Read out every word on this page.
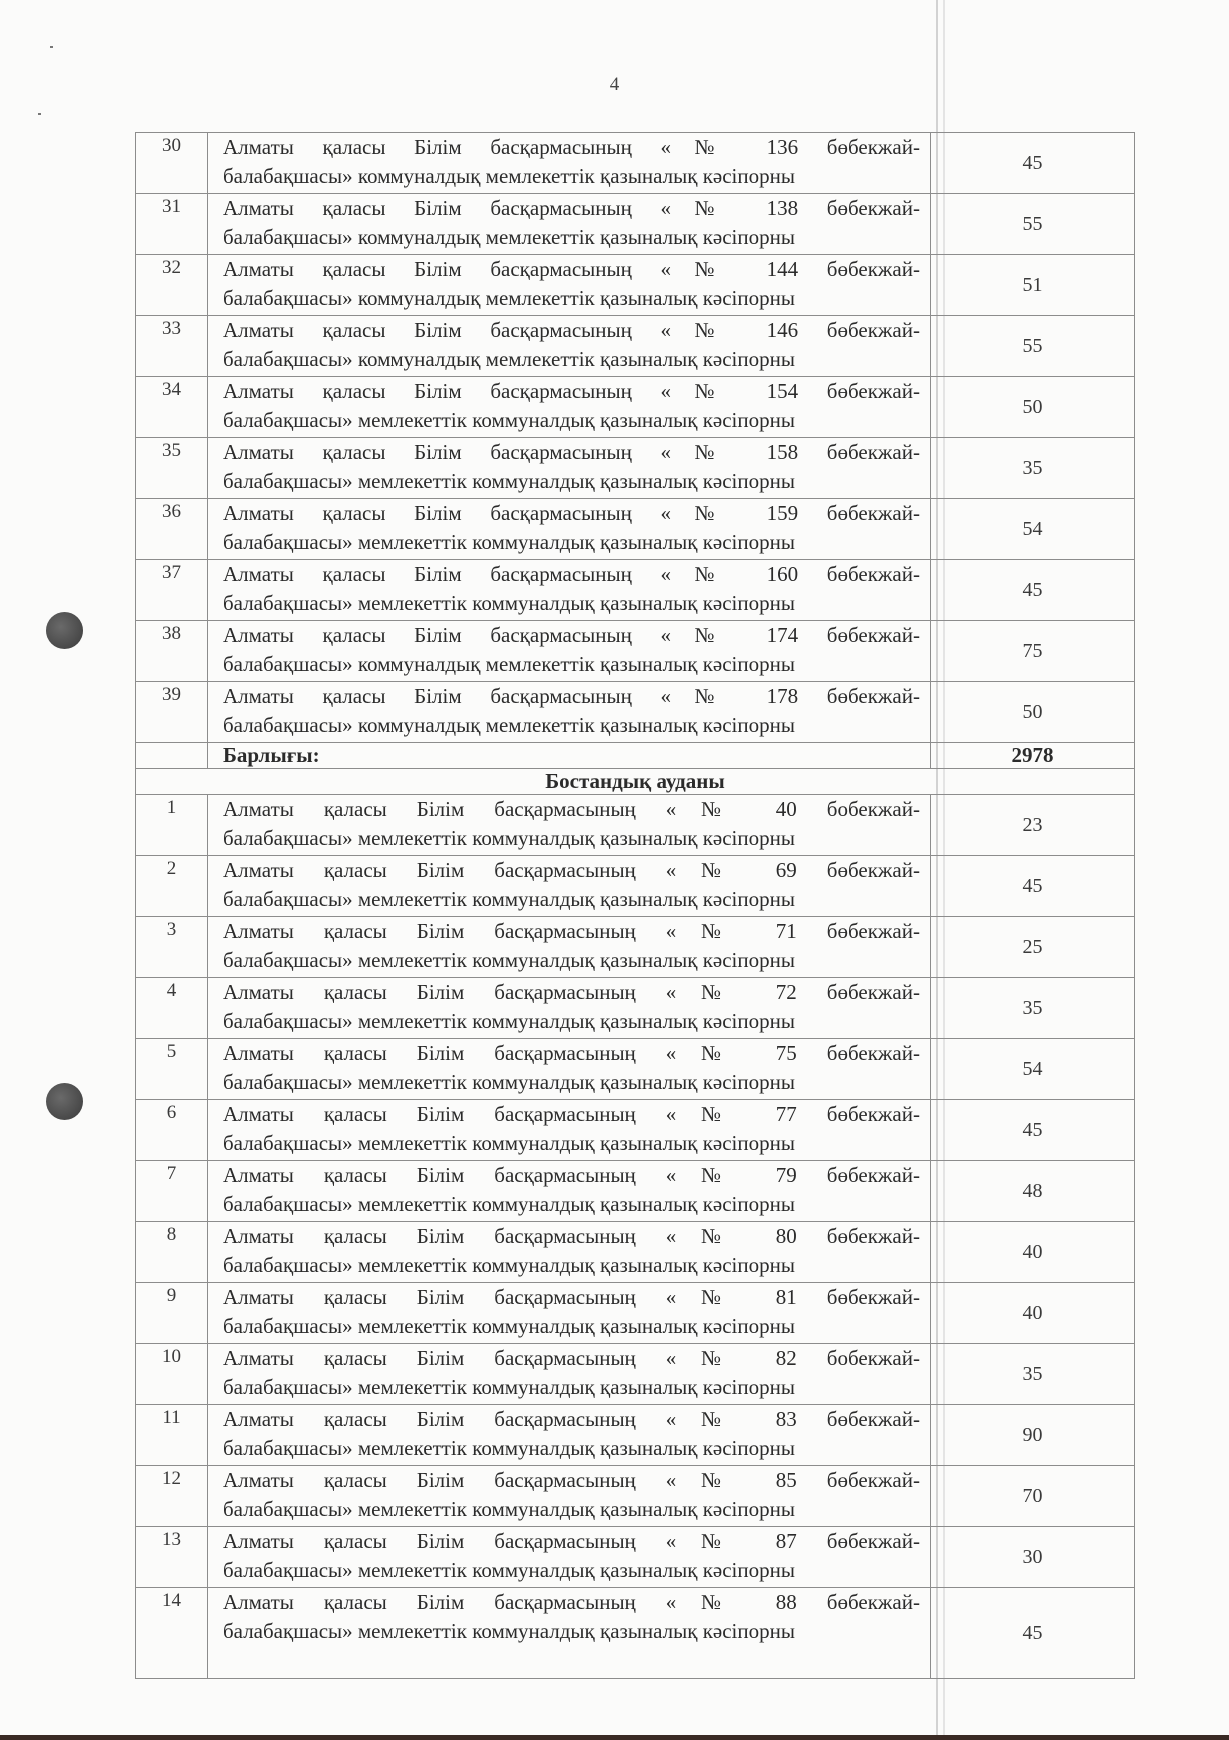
4
30	Алматы қаласы Білім басқармасының «№ 136 бөбекжай-
балабақшасы» коммуналдық мемлекеттік қазыналық кәсіпорны	45
31	Алматы қаласы Білім басқармасының «№ 138 бөбекжай-
балабақшасы» коммуналдық мемлекеттік қазыналық кәсіпорны	55
32	Алматы қаласы Білім басқармасының «№ 144 бөбекжай-
балабақшасы» коммуналдық мемлекеттік қазыналық кәсіпорны	51
33	Алматы қаласы Білім басқармасының «№ 146 бөбекжай-
балабақшасы» коммуналдық мемлекеттік қазыналық кәсіпорны	55
34	Алматы қаласы Білім басқармасының «№ 154 бөбекжай-
балабақшасы» мемлекеттік коммуналдық қазыналық кәсіпорны	50
35	Алматы қаласы Білім басқармасының «№ 158 бөбекжай-
балабақшасы» мемлекеттік коммуналдық қазыналық кәсіпорны	35
36	Алматы қаласы Білім басқармасының «№ 159 бөбекжай-
балабақшасы» мемлекеттік коммуналдық қазыналық кәсіпорны	54
37	Алматы қаласы Білім басқармасының «№ 160 бөбекжай-
балабақшасы» мемлекеттік коммуналдық қазыналық кәсіпорны	45
38	Алматы қаласы Білім басқармасының «№ 174 бөбекжай-
балабақшасы» коммуналдық мемлекеттік қазыналық кәсіпорны	75
39	Алматы қаласы Білім басқармасының «№ 178 бөбекжай-
балабақшасы» коммуналдық мемлекеттік қазыналық кәсіпорны	50
	Барлығы:	2978
Бостандық ауданы		
1	Алматы қаласы Білім басқармасының «№ 40 бобекжай-
балабақшасы» мемлекеттік коммуналдық қазыналық кәсіпорны	23
2	Алматы қаласы Білім басқармасының «№ 69 бөбекжай-
балабақшасы» мемлекеттік коммуналдық қазыналық кәсіпорны	45
3	Алматы қаласы Білім басқармасының «№ 71 бөбекжай-
балабақшасы» мемлекеттік коммуналдық қазыналық кәсіпорны	25
4	Алматы қаласы Білім басқармасының «№ 72 бөбекжай-
балабақшасы» мемлекеттік коммуналдық қазыналық кәсіпорны	35
5	Алматы қаласы Білім басқармасының «№ 75 бөбекжай-
балабақшасы» мемлекеттік коммуналдық қазыналық кәсіпорны	54
6	Алматы қаласы Білім басқармасының «№ 77 бөбекжай-
балабақшасы» мемлекеттік коммуналдық қазыналық кәсіпорны	45
7	Алматы қаласы Білім басқармасының «№ 79 бөбекжай-
балабақшасы» мемлекеттік коммуналдық қазыналық кәсіпорны	48
8	Алматы қаласы Білім басқармасының «№ 80 бөбекжай-
балабақшасы» мемлекеттік коммуналдық қазыналық кәсіпорны	40
9	Алматы қаласы Білім басқармасының «№ 81 бөбекжай-
балабақшасы» мемлекеттік коммуналдық қазыналық кәсіпорны	40
10	Алматы қаласы Білім басқармасының «№ 82 бобекжай-
балабақшасы» мемлекеттік коммуналдық қазыналық кәсіпорны	35
11	Алматы қаласы Білім басқармасының «№ 83 бөбекжай-
балабақшасы» мемлекеттік коммуналдық қазыналық кәсіпорны	90
12	Алматы қаласы Білім басқармасының «№ 85 бөбекжай-
балабақшасы» мемлекеттік коммуналдық қазыналық кәсіпорны	70
13	Алматы қаласы Білім басқармасының «№ 87 бөбекжай-
балабақшасы» мемлекеттік коммуналдық қазыналық кәсіпорны	30
14	Алматы қаласы Білім басқармасының «№ 88 бөбекжай-
балабақшасы» мемлекеттік коммуналдық қазыналық кәсіпорны	45
